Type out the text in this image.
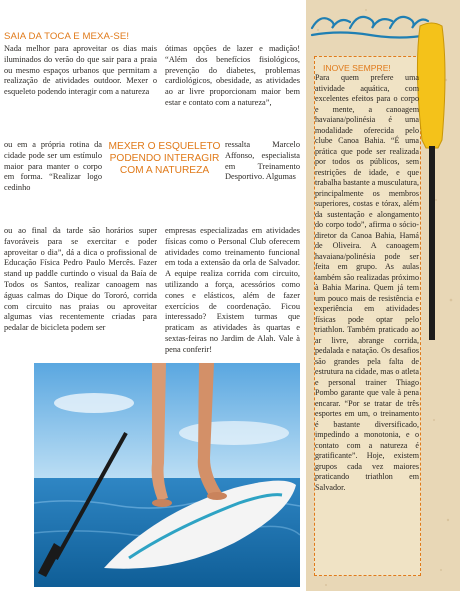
SAIA DA TOCA E MEXA-SE!

Nada melhor para aproveitar os dias mais iluminados do verão do que sair para a praia ou mesmo espaços urbanos que permitam a realização de atividades outdoor. Mexer o esqueleto podendo interagir com a natureza

ótimas opções de lazer e madição! “Além dos benefícios fisiológicos, prevenção do diabetes, problemas cardiológicos, obesidade, as atividades ao ar livre proporcionam maior bem estar e contato com a natureza”,

ou em a própria rotina da cidade pode ser um estímulo maior para manter o corpo em forma. “Realizar logo cedinho

ressalta Marcelo Affonso, especialista em Treinamento Desportivo. Algumas

MEXER O ESQUELETO PODENDO INTERAGIR COM A NATUREZA

ou ao final da tarde são horários super favoráveis para se exercitar e poder aproveitar o dia”, dá a dica o profissional de Educação Física Pedro Paulo Mercês. Fazer stand up paddle curtindo o visual da Baía de Todos os Santos, realizar canoagem nas águas calmas do Dique do Tororó, corrida com circuito nas praias ou aproveitar algumas vias recentemente criadas para pedalar de bicicleta podem ser

empresas especializadas em atividades físicas como o Personal Club oferecem atividades como treinamento funcional em toda a extensão da orla de Salvador. A equipe realiza corrida com circuito, utilizando a força, acessórios como cones e elásticos, além de fazer exercícios de coordenação. Ficou interessado? Existem turmas que praticam as atividades às quartas e sextas-feiras no Jardim de Alah. Vale à pena conferir!

INOVE SEMPRE!

Para quem prefere uma atividade aquática, com excelentes efeitos para o corpo e mente, a canoagem havaiana/polinésia é uma modalidade oferecida pelo clube Canoa Bahia. “É uma prática que pode ser realizada por todos os públicos, sem restrições de idade, e que trabalha bastante a musculatura, principalmente os membros superiores, costas e tórax, além da sustentação e alongamento do corpo todo”, afirma o sócio-diretor da Canoa Bahia, Hamá de Oliveira. A canoagem havaiana/polinésia pode ser feita em grupo. As aulas também são realizadas próximo à Bahia Marina. Quem já tem um pouco mais de resistência e experiência em atividades físicas pode optar pelo triathlon. Também praticado ao ar livre, abrange corrida, pedalada e natação. Os desafios são grandes pela falta de estrutura na cidade, mas o atleta e personal trainer Thiago Pombo garante que vale à pena encarar. “Por se tratar de três esportes em um, o treinamento é bastante diversificado, impedindo a monotonia, e o contato com a natureza é gratificante”. Hoje, existem grupos cada vez maiores praticando triathlon em Salvador.
